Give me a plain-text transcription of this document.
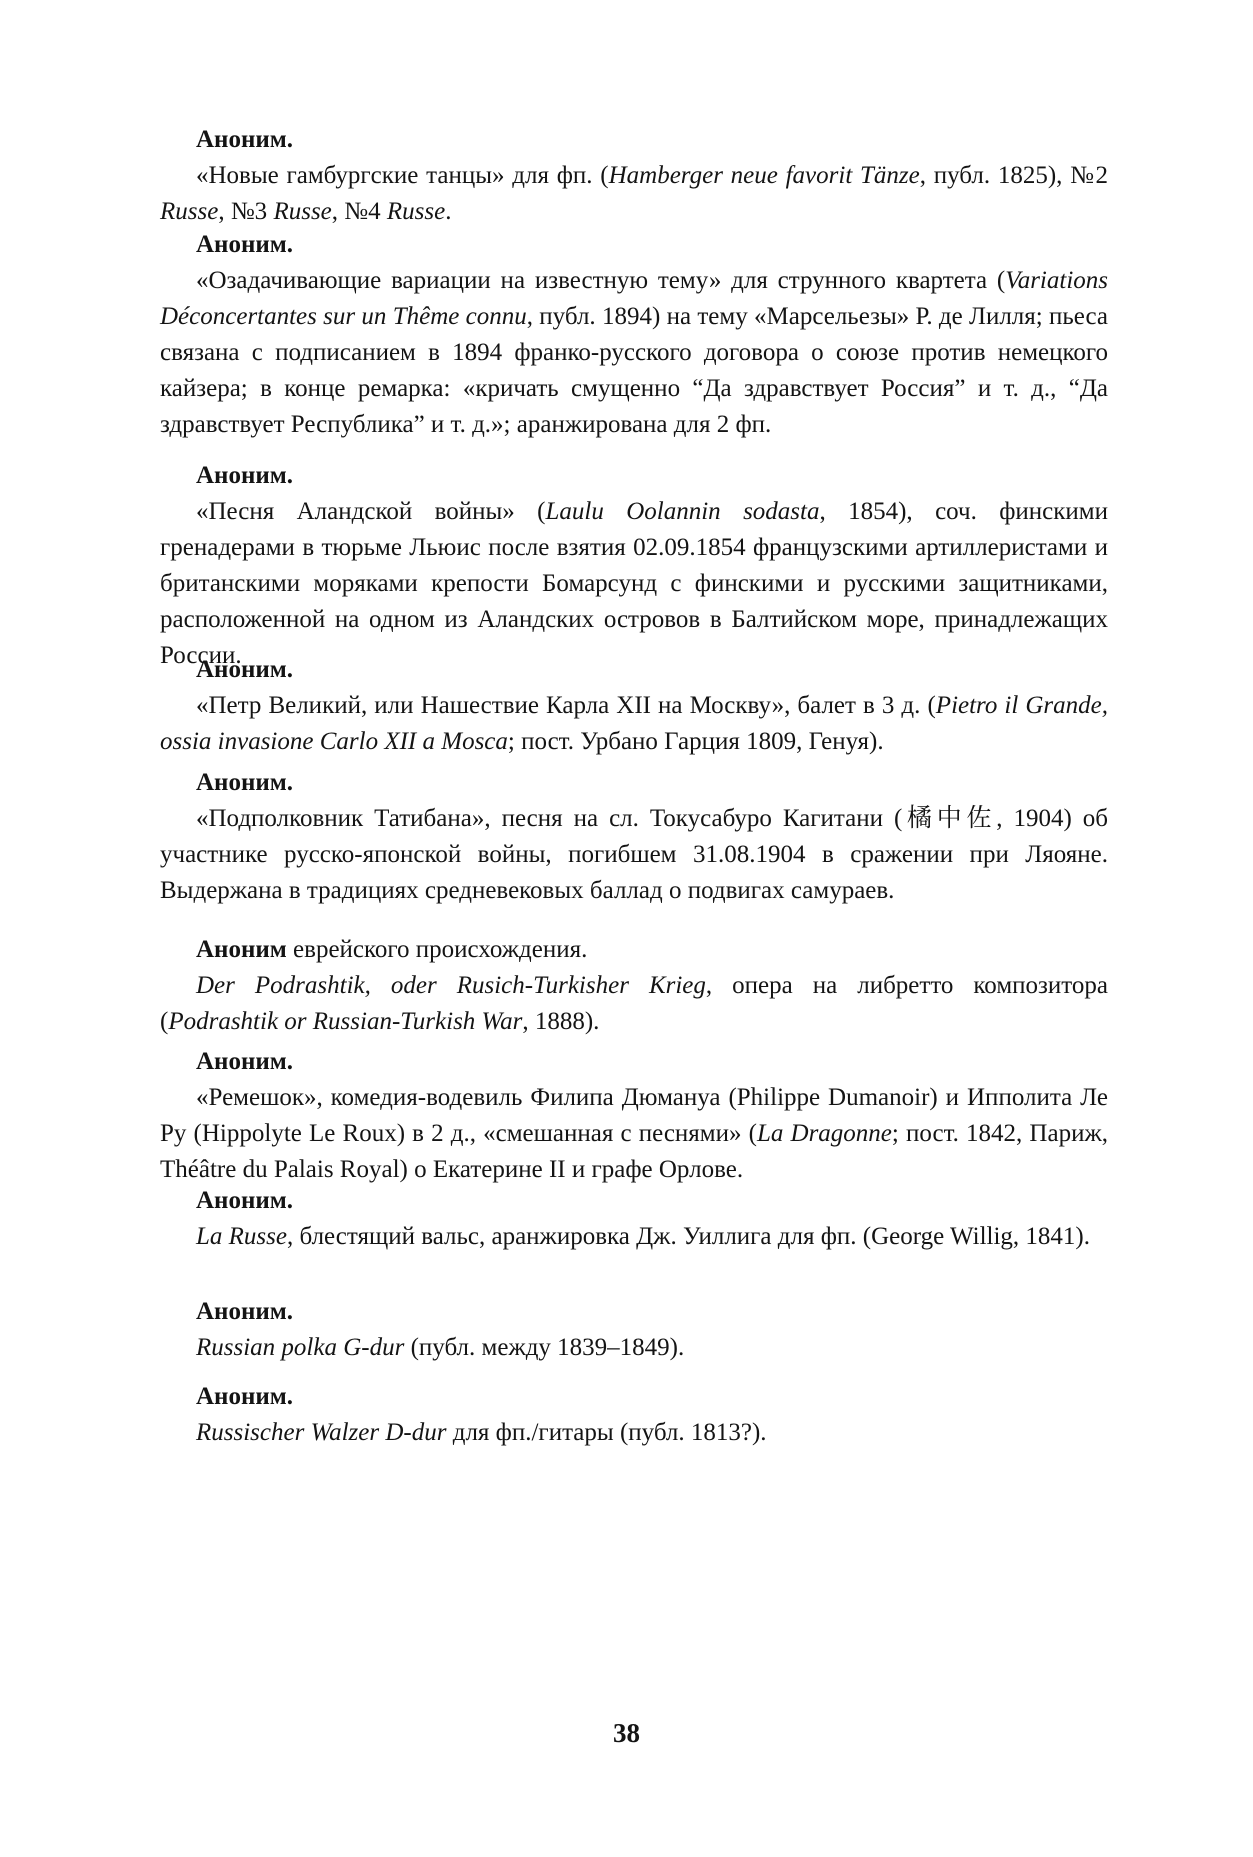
Аноним.

«Новые гамбургские танцы» для фп. (Hamberger neue favorit Tänze, публ. 1825), №2 Russe, №3 Russe, №4 Russe.

Аноним.

«Озадачивающие вариации на известную тему» для струнного квартета (Variations Déconcertantes sur un Thême connu, публ. 1894) на тему «Марсельезы» Р. де Лилля; пьеса связана с подписанием в 1894 франко-русского договора о союзе против немецкого кайзера; в конце ремарка: «кричать смущенно “Да здравствует Россия” и т. д., “Да здравствует Республика” и т. д.»; аранжирована для 2 фп.

Аноним.

«Песня Аландской войны» (Laulu Oolannin sodasta, 1854), соч. финскими гренадерами в тюрьме Льюис после взятия 02.09.1854 французскими артиллеристами и британскими моряками крепости Бомарсунд с финскими и русскими защитниками, расположенной на одном из Аландских островов в Балтийском море, принадлежащих России.

Аноним.

«Петр Великий, или Нашествие Карла XII на Москву», балет в 3 д. (Pietro il Grande, ossia invasione Carlo XII a Mosca; пост. Урбано Гарция 1809, Генуя).

Аноним.

«Подполковник Татибана», песня на сл. Токусабуро Кагитани (橘中佐, 1904) об участнике русско-японской войны, погибшем 31.08.1904 в сражении при Ляояне. Выдержана в традициях средневековых баллад о подвигах самураев.

Аноним еврейского происхождения.

Der Podrashtik, oder Rusich-Turkisher Krieg, опера на либретто композитора (Podrashtik or Russian-Turkish War, 1888).

Аноним.

«Ремешок», комедия-водевиль Филипа Дюмануа (Philippe Dumanoir) и Ипполита Ле Ру (Hippolyte Le Roux) в 2 д., «смешанная с песнями» (La Dragonne; пост. 1842, Париж, Théâtre du Palais Royal) о Екатерине II и графе Орлове.

Аноним.

La Russe, блестящий вальс, аранжировка Дж. Уиллига для фп. (George Willig, 1841).

Аноним.

Russian polka G-dur (публ. между 1839–1849).

Аноним.

Russischer Walzer D-dur для фп./гитары (публ. 1813?).

38
